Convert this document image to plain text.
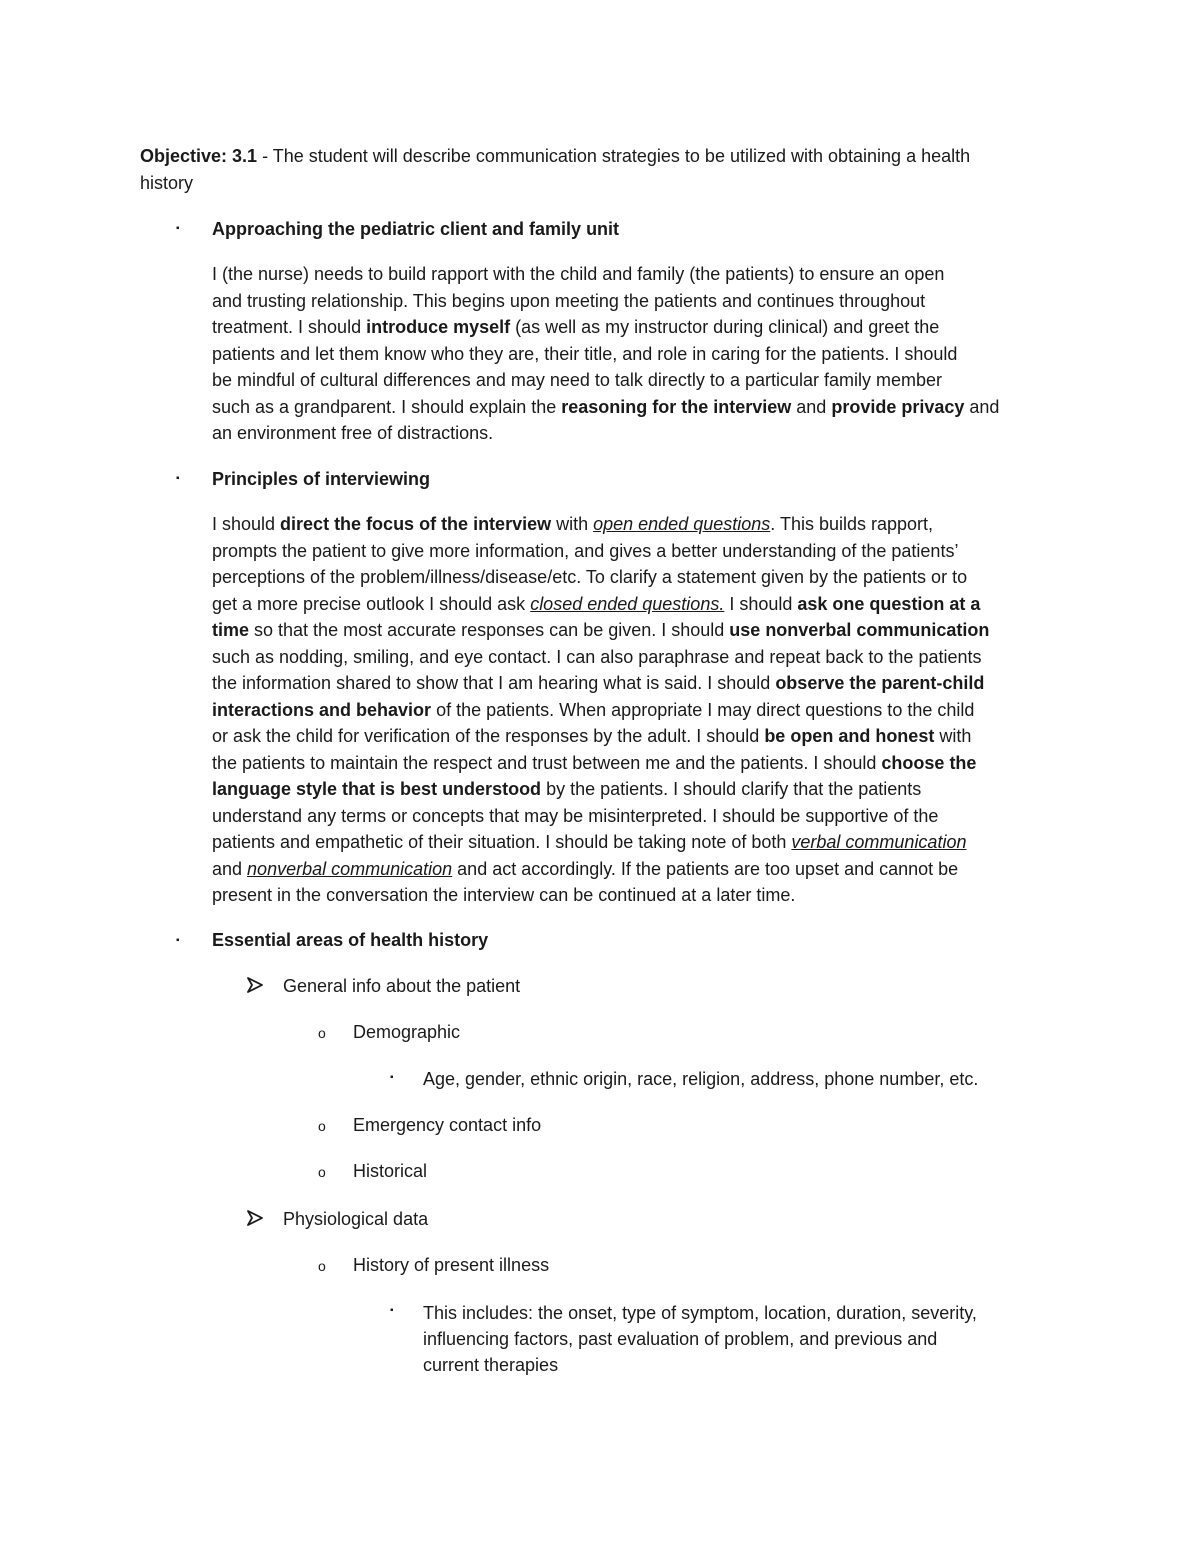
Objective: 3.1 - The student will describe communication strategies to be utilized with obtaining a health
history
▪ Approaching the pediatric client and family unit
I (the nurse) needs to build rapport with the child and family (the patients) to ensure an open
and trusting relationship. This begins upon meeting the patients and continues throughout
treatment. I should introduce myself (as well as my instructor during clinical) and greet the
patients and let them know who they are, their title, and role in caring for the patients. I should
be mindful of cultural differences and may need to talk directly to a particular family member
such as a grandparent. I should explain the reasoning for the interview and provide privacy and
an environment free of distractions.
▪ Principles of interviewing
I should direct the focus of the interview with open ended questions. This builds rapport,
prompts the patient to give more information, and gives a better understanding of the patients’
perceptions of the problem/illness/disease/etc. To clarify a statement given by the patients or to
get a more precise outlook I should ask closed ended questions. I should ask one question at a
time so that the most accurate responses can be given. I should use nonverbal communication
such as nodding, smiling, and eye contact. I can also paraphrase and repeat back to the patients
the information shared to show that I am hearing what is said. I should observe the parent-child
interactions and behavior of the patients. When appropriate I may direct questions to the child
or ask the child for verification of the responses by the adult. I should be open and honest with
the patients to maintain the respect and trust between me and the patients. I should choose the
language style that is best understood by the patients. I should clarify that the patients
understand any terms or concepts that may be misinterpreted. I should be supportive of the
patients and empathetic of their situation. I should be taking note of both verbal communication
and nonverbal communication and act accordingly. If the patients are too upset and cannot be
present in the conversation the interview can be continued at a later time.
▪ Essential areas of health history
General info about the patient
o Demographic
▪ Age, gender, ethnic origin, race, religion, address, phone number, etc.
o Emergency contact info
o Historical
Physiological data
o History of present illness
▪ This includes: the onset, type of symptom, location, duration, severity,
influencing factors, past evaluation of problem, and previous and
current therapies
